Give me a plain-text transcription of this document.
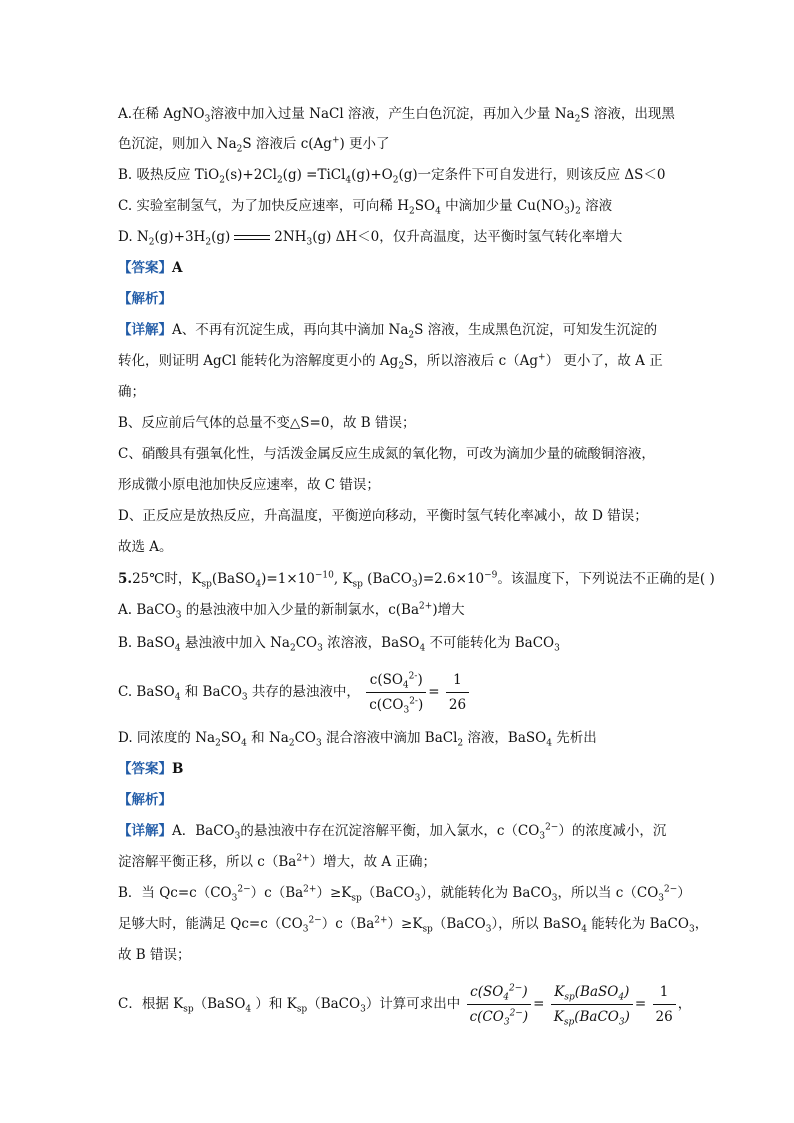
A.在稀 AgNO$_3$溶液中加入过量 NaCl 溶液，产生白色沉淀，再加入少量 $Na_2S$ 溶液，出现黑
色沉淀，则加入 $Na_2S$ 溶液后 c(Ag+) 更小了
B. 吸热反应 $TiO_2(s)+2Cl_2(g)$ $=TiCl_4(g)+O_2(g)$一定条件下可自发进行，则该反应 ΔS＜0
C. 实验室制氢气，为了加快反应速率，可向稀 $H_2SO_4$ 中滴加少量 $Cu(NO_3)_2$ 溶液
D. $N_2(g)+3H_2(g)$	$2NH_3(g)$ ΔH＜0，仅升高温度，达平衡时氢气转化率增大
【答案】A
【解析】
【详解】A、不再有沉淀生成，再向其中滴加 $Na_2S$ 溶液，生成黑色沉淀，可知发生沉淀的
转化，则证明 AgCl 能转化为溶解度更小的 $Ag_2S$，所以溶液后 c（Ag+） 更小了，故 A 正
确；
B、反应前后气体的总量不变△S=0，故 B 错误；
C、硝酸具有强氧化性，与活泼金属反应生成氮的氧化物，可改为滴加少量的硫酸铜溶液，
形成微小原电池加快反应速率，故 C 错误；
D、正反应是放热反应，升高温度，平衡逆向移动，平衡时氢气转化率减小，故 D 错误；
故选 A。
5.25℃时，$K_{sp}(BaSO_4)=1\times 10^{-10}$, $K_{sp}$ $(BaCO_3)=2.6\times 10^{-9}$。该温度下，下列说法不正确的是( )
A. BaCO$_3$ 的悬浊液中加入少量的新制氯水，$c(Ba^{2+})$增大
B. BaSO$_4$ 悬浊液中加入 $Na_2CO_3$ 浓溶液，BaSO$_4$ 不可能转化为 BaCO$_3$
C. BaSO$_4$ 和 BaCO$_3$ 共存的悬浊液中， $\frac{c(SO_4^{2-})}{c(CO_3^{2-})} = \frac{1}{26}$
D. 同浓度的 $Na_2SO_4$ 和 $Na_2CO_3$ 混合溶液中滴加 BaCl$_2$ 溶液，BaSO$_4$ 先析出
【答案】B
【解析】
【详解】A．BaCO$_3$的悬浊液中存在沉淀溶解平衡，加入氯水，$c(CO_3^{2-})$的浓度减小，沉
淀溶解平衡正移，所以 $c(Ba^{2+})$增大，故 A 正确；
B．当 $Qc=c(CO_3^{2-})c(Ba^{2+})\ge K_{sp}(BaCO_3)$，就能转化为 BaCO$_3$，所以当 $c(CO_3^{2-})$
足够大时，能满足 $Qc=c(CO_3^{2-})c(Ba^{2+})\ge K_{sp}(BaCO_3)$，所以 BaSO$_4$ 能转化为 BaCO$_3$，
故 B 错误；
C．根据 $K_{sp}(BaSO_4$ ）和 $K_{sp}(BaCO_3)$计算可求出中 $\frac{c(SO_4^{2-})}{c(CO_3^{2-})} = \frac{K_{sp}(BaSO_4)}{K_{sp}(BaCO_3)} = \frac{1}{26}$ ，
